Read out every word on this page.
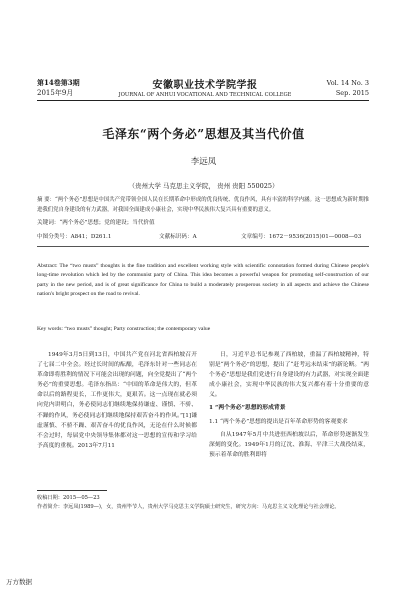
第14卷第3期
2015年9月
安徽职业技术学院学报
JOURNAL OF ANHUI VOCATIONAL AND TECHNICAL COLLEGE
Vol. 14 No. 3
Sep. 2015
毛泽东“两个务必”思想及其当代价值
李远凤
（贵州大学 马克思主义学院， 贵州 贵阳 550025）
摘 要：“两个务必”思想是中国共产党带领全国人民在长期革命中形成的优良传统、优良作风，具有丰富的科学内涵。这一思想成为新时期推进我们党自身建设的有力武器，对我国全面建成小康社会，实现中华民族伟大复兴具有重要的意义。
关键词：“两个务必”思想；党的建设；当代价值
中图分类号：A841；D261.1	文献标识码：A	文章编号：1672－9536(2015)01—0008—03
Abstract: The “two musts” thoughts is the fine tradition and excellent working style with scientific connotation formed during Chinese people's long-time revolution which led by the communist party of China. This idea becomes a powerful weapon for promoting self-construction of our party in the new period, and is of great significance for China to build a moderately prosperous society in all aspects and achieve the Chinese nation's bright prospect on the road to revival.
Key words: “two musts” thought; Party construction; the contemporary value

1949年3月5日到13日，中国共产党在河北省西柏坡召开了七届二中全会。经过长时间的酝酿，毛泽东针对一些同志在革命即将胜利的情况下可能会出现的问题，向全党提出了“两个务必”的重要思想。毛泽东指出：“中国的革命是伟大的，但革命以后的路程更长，工作更伟大，更艰苦。这一点现在就必须向党内讲明白，务必使同志们继续地保持谦虚、谨慎、不骄、不躁的作风，务必使同志们继续地保持艰苦奋斗的作风。”[1]谦虚谨慎、不骄不躁、艰苦奋斗的优良作风，无论在什么时候都不会过时，每届党中央领导集体都对这一思想的宣传和学习给予高度的重视。2013年7月11

日，习近平总书记参观了西柏坡，重温了西柏坡精神，特别是“两个务必”的思想，提出了“赶考远未结束”的新论断。“两个务必”思想是我们党进行自身建设的有力武器，对实现全面建成小康社会，实现中华民族的伟大复兴都有着十分重要的意义。

1 “两个务必”思想的形成背景

1.1 “两个务必”思想的提出是百年革命形势的客观要求

自从1947年5月中共进驻西柏坡以后，革命形势逐渐发生深刻的变化。1949年1月的辽沈、淮海、平津三大战役结束，预示着革命的胜利即将

收稿日期：2015—05—23
作者简介：李远凤(1989—)，女，贵州毕节人，贵州大学马克思主义学院硕士研究生，研究方向：马克思主义文化理论与社会理论。
万方数据
